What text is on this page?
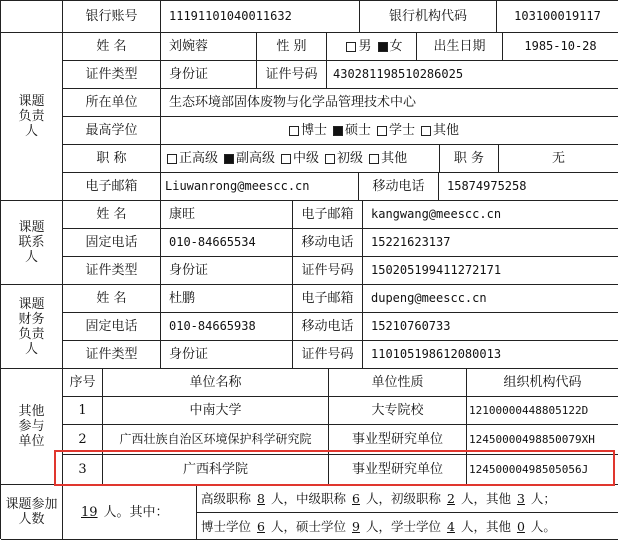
银行账号	11191101040011632	银行机构代码	103100019117
课题负责人
姓 名	刘婉蓉	性 别	男 女	出生日期	1985-10-28
证件类型	身份证	证件号码	430281198510286025
所在单位	生态环境部固体废物与化学品管理技术中心
最高学位	博士 硕士 学士 其他
职 称	正高级 副高级 中级 初级 其他	职 务	无
电子邮箱	Liuwanrong@meescc.cn	移动电话	15874975258
课题联系人
姓 名	康旺	电子邮箱	kangwang@meescc.cn
固定电话	010-84665534	移动电话	15221623137
证件类型	身份证	证件号码	150205199411272171
课题财务负责人
姓 名	杜鹏	电子邮箱	dupeng@meescc.cn
固定电话	010-84665938	移动电话	15210760733
证件类型	身份证	证件号码	110105198612080013
其他参与单位
序号	单位名称	单位性质	组织机构代码
1	中南大学	大专院校	12100000448805122D
2	广西壮族自治区环境保护科学研究院	事业型研究单位	12450000498850079XH
3	广西科学院	事业型研究单位	12450000498505056J
课题参加人数	19 人。其中：
高级职称 8 人， 中级职称 6 人， 初级职称 2 人， 其他 3 人；
博士学位 6 人， 硕士学位 9 人， 学士学位 4 人， 其他 0 人。
